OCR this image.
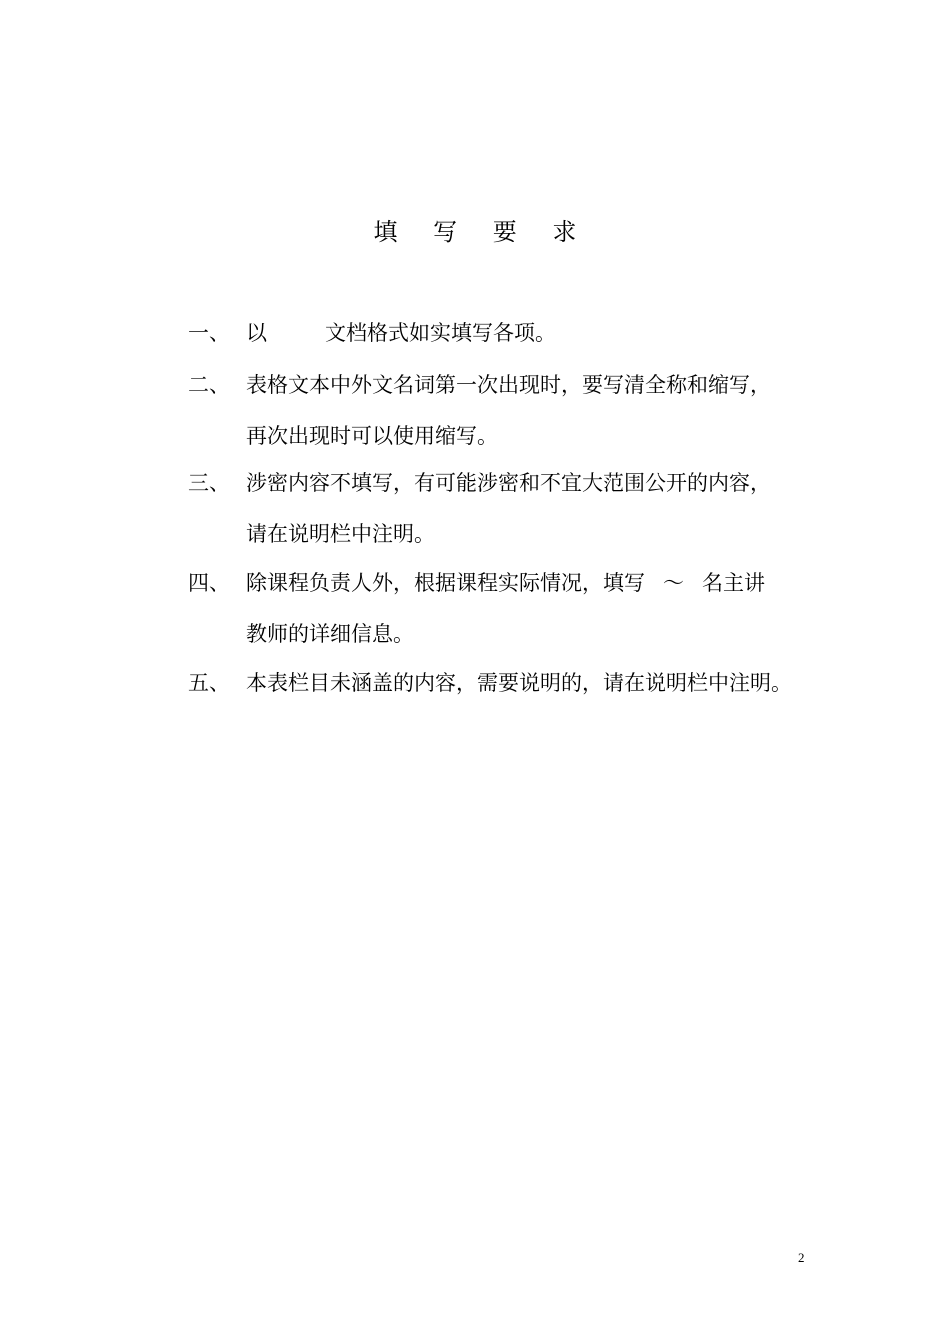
填 写 要 求
一、 以	文档格式如实填写各项。
二、 表格文本中外文名词第一次出现时，要写清全称和缩写，
再次出现时可以使用缩写。
三、 涉密内容不填写，有可能涉密和不宜大范围公开的内容，
请在说明栏中注明。
四、 除课程负责人外，根据课程实际情况，填写 ～ 名主讲
教师的详细信息。
五、 本表栏目未涵盖的内容，需要说明的，请在说明栏中注明。
2
